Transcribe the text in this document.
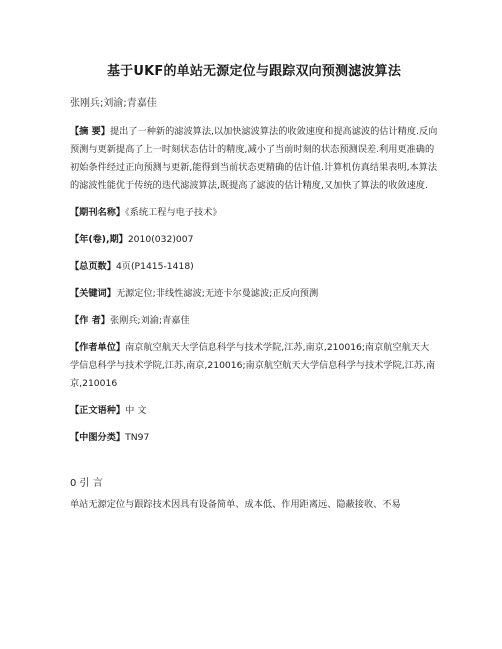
基于UKF的单站无源定位与跟踪双向预测滤波算法
张刚兵;刘渝;青嘉佳
【摘 要】提出了一种新的滤波算法,以加快滤波算法的收敛速度和提高滤波的估计精度.反向预测与更新提高了上一时刻状态估计的精度,减小了当前时刻的状态预测误差.利用更准确的初始条件经过正向预测与更新,能得到当前状态更精确的估计值.计算机仿真结果表明,本算法的滤波性能优于传统的迭代滤波算法,既提高了滤波的估计精度,又加快了算法的收敛速度.
【期刊名称】《系统工程与电子技术》
【年(卷),期】2010(032)007
【总页数】4页(P1415-1418)
【关键词】无源定位;非线性滤波;无迹卡尔曼滤波;正反向预测
【作 者】张刚兵;刘渝;青嘉佳
【作者单位】南京航空航天大学信息科学与技术学院,江苏,南京,210016;南京航空航天大学信息科学与技术学院,江苏,南京,210016;南京航空航天大学信息科学与技术学院,江苏,南京,210016
【正文语种】中 文
【中图分类】TN97
0 引 言
单站无源定位与跟踪技术因具有设备简单、成本低、作用距离远、隐蔽接收、不易
